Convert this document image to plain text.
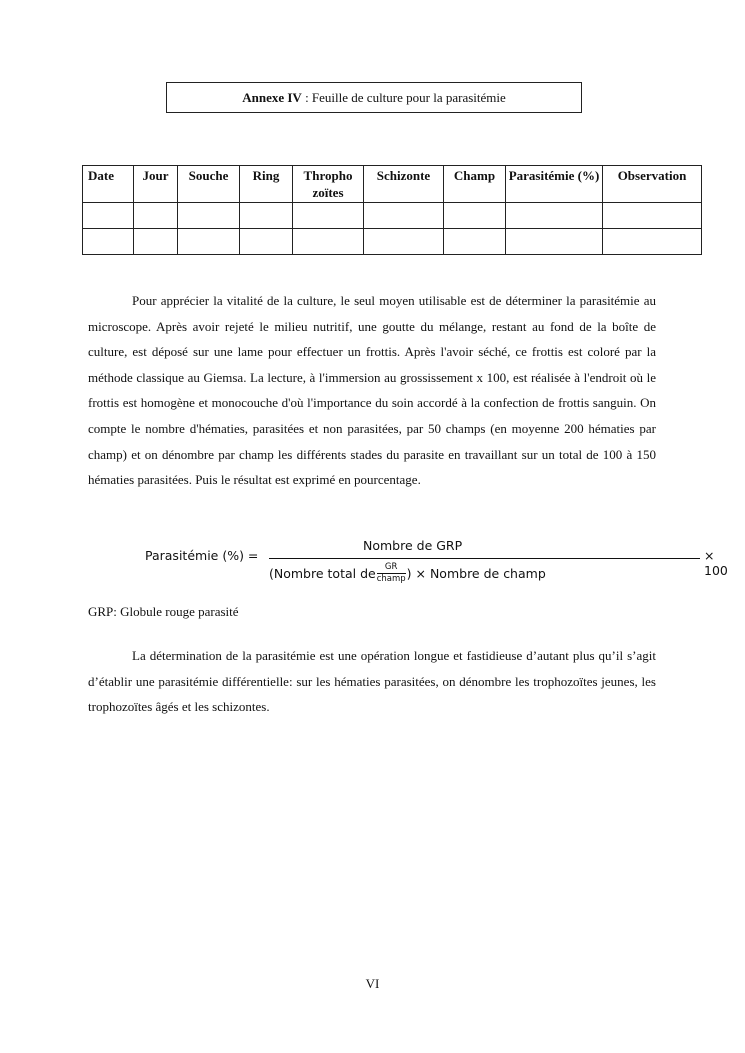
Annexe IV : Feuille de culture pour la parasitémie
Date	Jour	Souche	Ring	Thropho zoïtes	Schizonte	Champ	Parasitémie (%)	Observation

Pour apprécier la vitalité de la culture, le seul moyen utilisable est de déterminer la parasitémie au microscope. Après avoir rejeté le milieu nutritif, une goutte du mélange, restant au fond de la boîte de culture, est déposé sur une lame pour effectuer un frottis. Après l'avoir séché, ce frottis est coloré par la méthode classique au Giemsa. La lecture, à l'immersion au grossissement x 100, est réalisée à l'endroit où le frottis est homogène et monocouche d'où l'importance du soin accordé à la confection de frottis sanguin. On compte le nombre d'hématies, parasitées et non parasitées, par 50 champs (en moyenne 200 hématies par champ) et on dénombre par champ les différents stades du parasite en travaillant sur un total de 100 à 150 hématies parasitées. Puis le résultat est exprimé en pourcentage.

Parasitémie (%) =
Nombre de GRP
(Nombre total de GR
champ ) × Nombre de champ
× 100
GRP: Globule rouge parasité

La détermination de la parasitémie est une opération longue et fastidieuse d’autant plus qu’il s’agit d’établir une parasitémie différentielle: sur les hématies parasitées, on dénombre les trophozoïtes jeunes, les trophozoïtes âgés et les schizontes.

VI
